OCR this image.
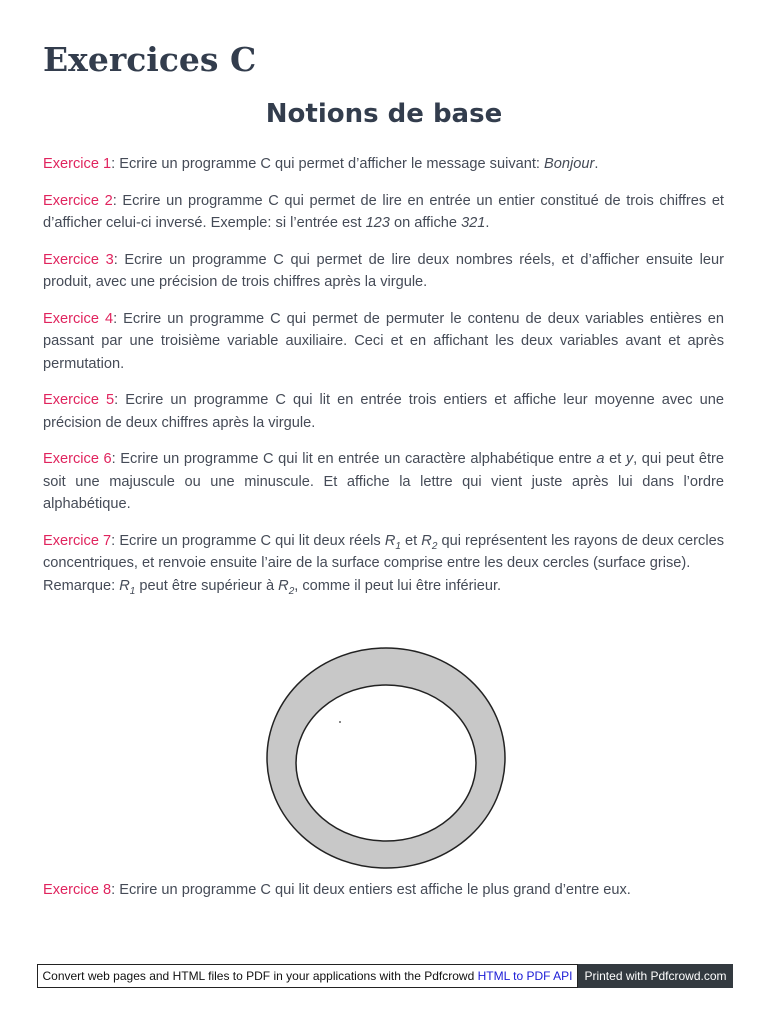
Exercices C
Notions de base

Exercice 1: Ecrire un programme C qui permet d’afficher le message suivant: Bonjour.

Exercice 2: Ecrire un programme C qui permet de lire en entrée un entier constitué de trois chiffres et d’afficher celui-ci inversé. Exemple: si l’entrée est 123 on affiche 321.

Exercice 3: Ecrire un programme C qui permet de lire deux nombres réels, et d’afficher ensuite leur produit, avec une précision de trois chiffres après la virgule.

Exercice 4: Ecrire un programme C qui permet de permuter le contenu de deux variables entières en passant par une troisième variable auxiliaire. Ceci et en affichant les deux variables avant et après permutation.

Exercice 5: Ecrire un programme C qui lit en entrée trois entiers et affiche leur moyenne avec une précision de deux chiffres après la virgule.

Exercice 6: Ecrire un programme C qui lit en entrée un caractère alphabétique entre a et y, qui peut être soit une majuscule ou une minuscule. Et affiche la lettre qui vient juste après lui dans l’ordre alphabétique.

Exercice 7: Ecrire un programme C qui lit deux réels $R_1$ et $R_2$ qui représentent les rayons de deux cercles concentriques, et renvoie ensuite l’aire de la surface comprise entre les deux cercles (surface grise).
Remarque: $R_1$ peut être supérieur à $R_2$, comme il peut lui être inférieur.

Exercice 8: Ecrire un programme C qui lit deux entiers est affiche le plus grand d’entre eux.

Convert web pages and HTML files to PDF in your applications with the Pdfcrowd HTML to PDF API Printed with Pdfcrowd.com
